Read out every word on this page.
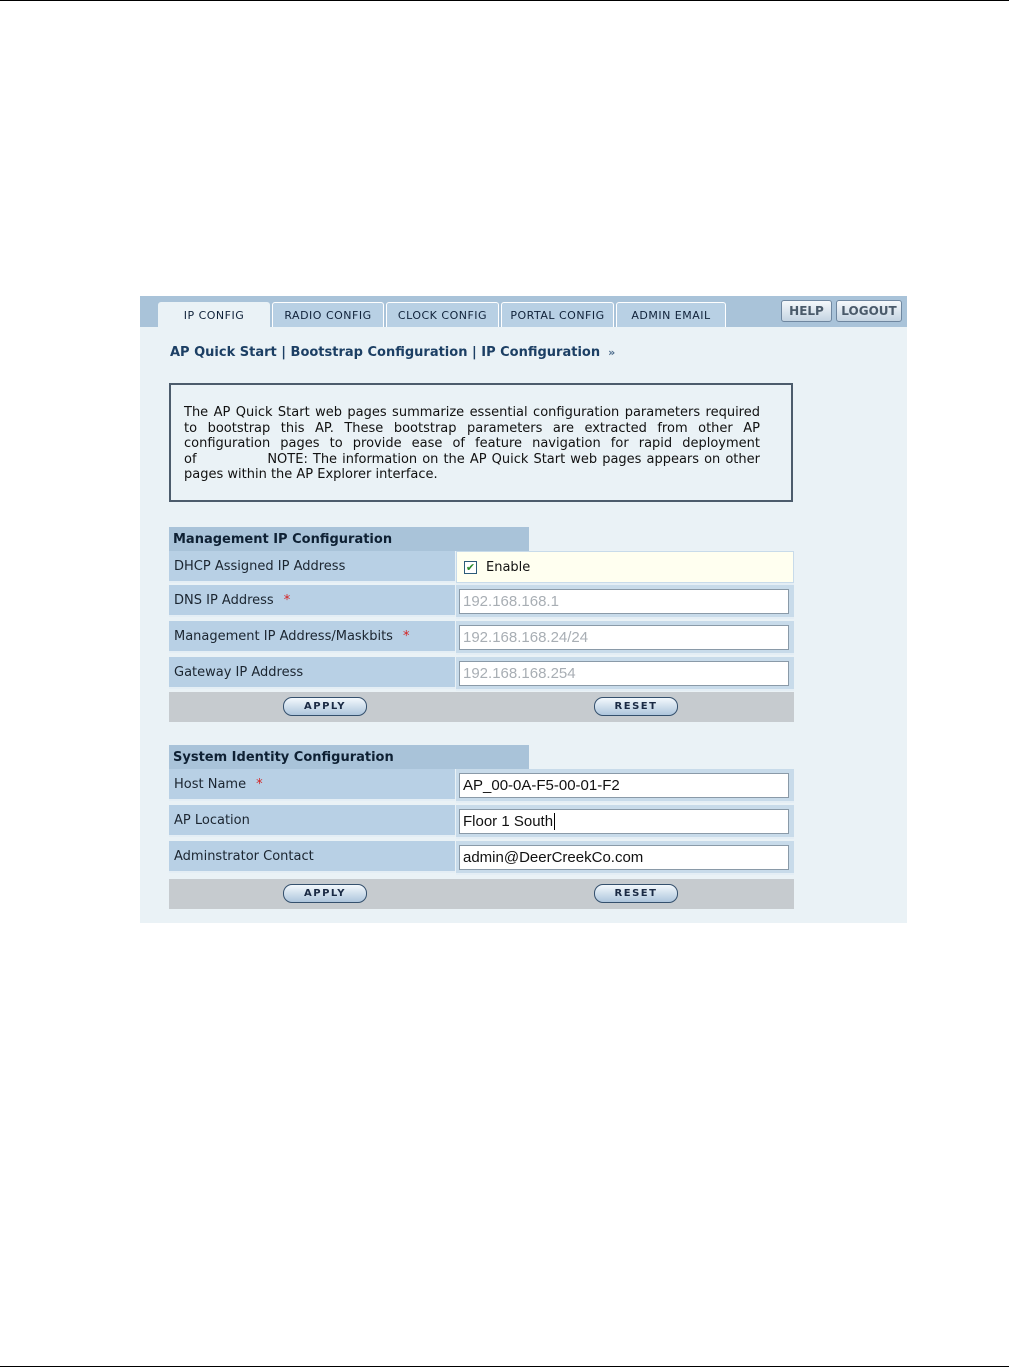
IP CONFIG	RADIO CONFIG	CLOCK CONFIG	PORTAL CONFIG	ADMIN EMAIL	HELP	LOGOUT
AP Quick Start | Bootstrap Configuration | IP Configuration »
The AP Quick Start web pages summarize essential configuration parameters required to bootstrap this AP. These bootstrap parameters are extracted from other AP configuration pages to provide ease of feature navigation for rapid deployment of	NOTE: The information on the AP Quick Start web pages appears on other pages within the AP Explorer interface.
Management IP Configuration
DHCP Assigned IP Address	✔ Enable
DNS IP Address *	192.168.168.1
Management IP Address/Maskbits *	192.168.168.24/24
Gateway IP Address	192.168.168.254
APPLY	RESET
System Identity Configuration
Host Name *	AP_00-0A-F5-00-01-F2
AP Location	Floor 1 South
Adminstrator Contact	admin@DeerCreekCo.com
APPLY	RESET
